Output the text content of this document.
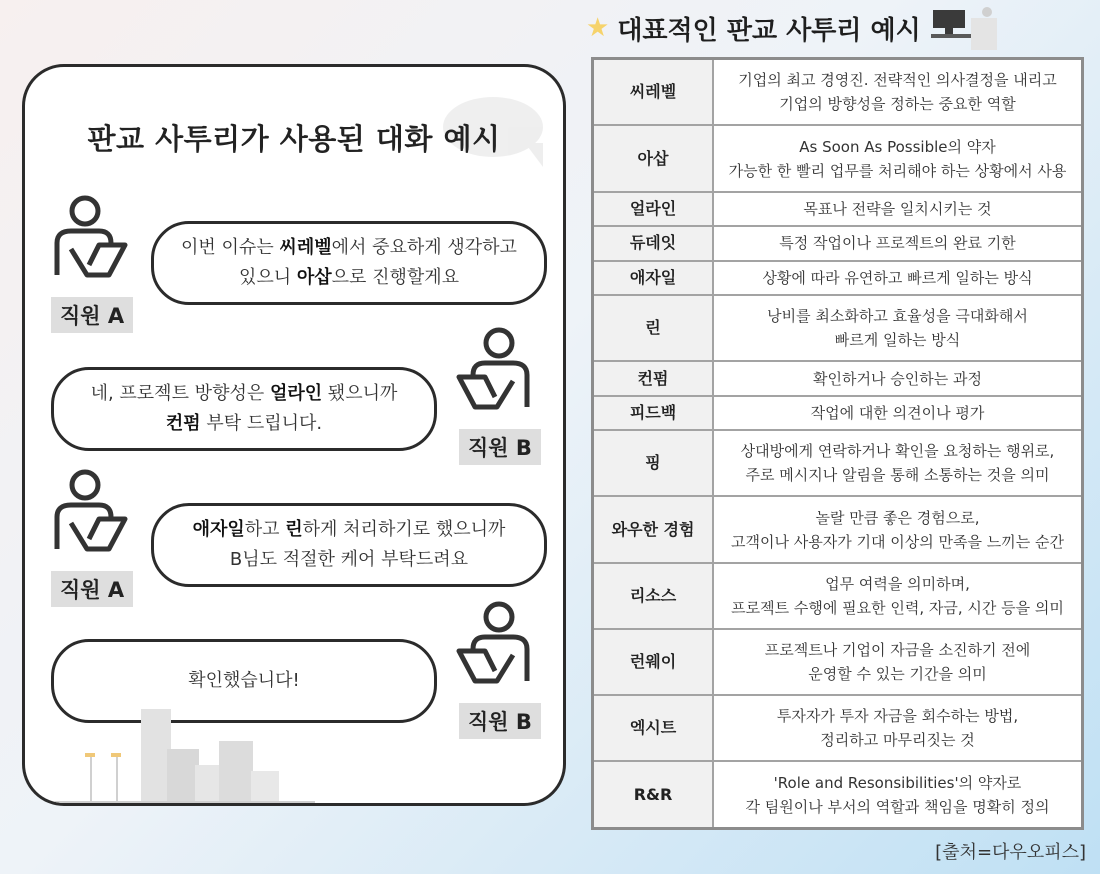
판교 사투리가 사용된 대화 예시
직원 A
이번 이슈는 씨레벨에서 중요하게 생각하고
있으니 아삽으로 진행할게요
직원 B
네, 프로젝트 방향성은 얼라인 됐으니까
컨펌 부탁 드립니다.
직원 A
애자일하고 린하게 처리하기로 했으니까
B님도 적절한 케어 부탁드려요
직원 B
확인했습니다!
★ 대표적인 판교 사투리 예시
씨레벨	기업의 최고 경영진. 전략적인 의사결정을 내리고
기업의 방향성을 정하는 중요한 역할

아삽	As Soon As Possible의 약자
가능한 한 빨리 업무를 처리해야 하는 상황에서 사용

얼라인	목표나 전략을 일치시키는 것

듀데잇	특정 작업이나 프로젝트의 완료 기한

애자일	상황에 따라 유연하고 빠르게 일하는 방식

린	낭비를 최소화하고 효율성을 극대화해서
빠르게 일하는 방식

컨펌	확인하거나 승인하는 과정

피드백	작업에 대한 의견이나 평가

핑	상대방에게 연락하거나 확인을 요청하는 행위로,
주로 메시지나 알림을 통해 소통하는 것을 의미

와우한 경험	놀랄 만큼 좋은 경험으로,
고객이나 사용자가 기대 이상의 만족을 느끼는 순간

리소스	업무 여력을 의미하며,
프로젝트 수행에 필요한 인력, 자금, 시간 등을 의미

런웨이	프로젝트나 기업이 자금을 소진하기 전에
운영할 수 있는 기간을 의미

엑시트	투자자가 투자 자금을 회수하는 방법,
정리하고 마무리짓는 것

R&R	'Role and Resonsibilities'의 약자로
각 팀원이나 부서의 역할과 책임을 명확히 정의
[출처=다우오피스]
